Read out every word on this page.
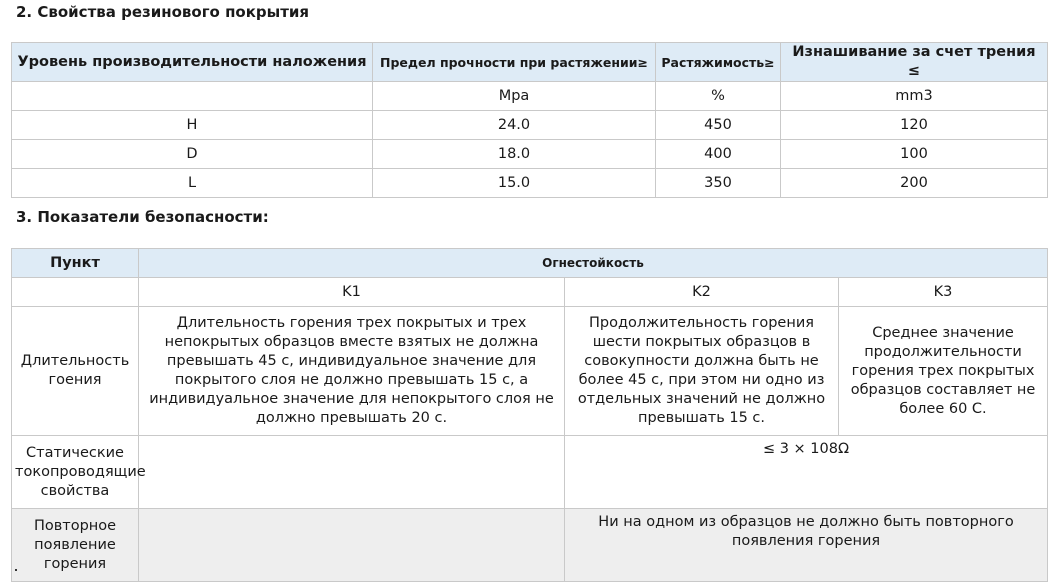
2. Свойства резинового покрытия
Уровень производительности наложения	Предел прочности при растяжении≥	Растяжимость≥	Изнашивание за счет трения ≤
	Mpa	%	mm3
H	24.0	450	120
D	18.0	400	100
L	15.0	350	200
3. Показатели безопасности:
Пункт	Огнестойкость		
	K1	K2	K3
Длительность гоения	Длительность горения трех покрытых и трех непокрытых образцов вместе взятых не должна превышать 45 с, индивидуальное значение для покрытого слоя не должно превышать 15 с, а индивидуальное значение для непокрытого слоя не должно превышать 20 с.	Продолжительность горения шести покрытых образцов в совокупности должна быть не более 45 с, при этом ни одно из отдельных значений не должно превышать 15 с.	Среднее значение продолжительности горения трех покрытых образцов составляет не более 60 С.
Статические токопроводящие свойства		≤ 3 × 108Ω	
Повторное появление горения		Ни на одном из образцов не должно быть повторного появления горения	
